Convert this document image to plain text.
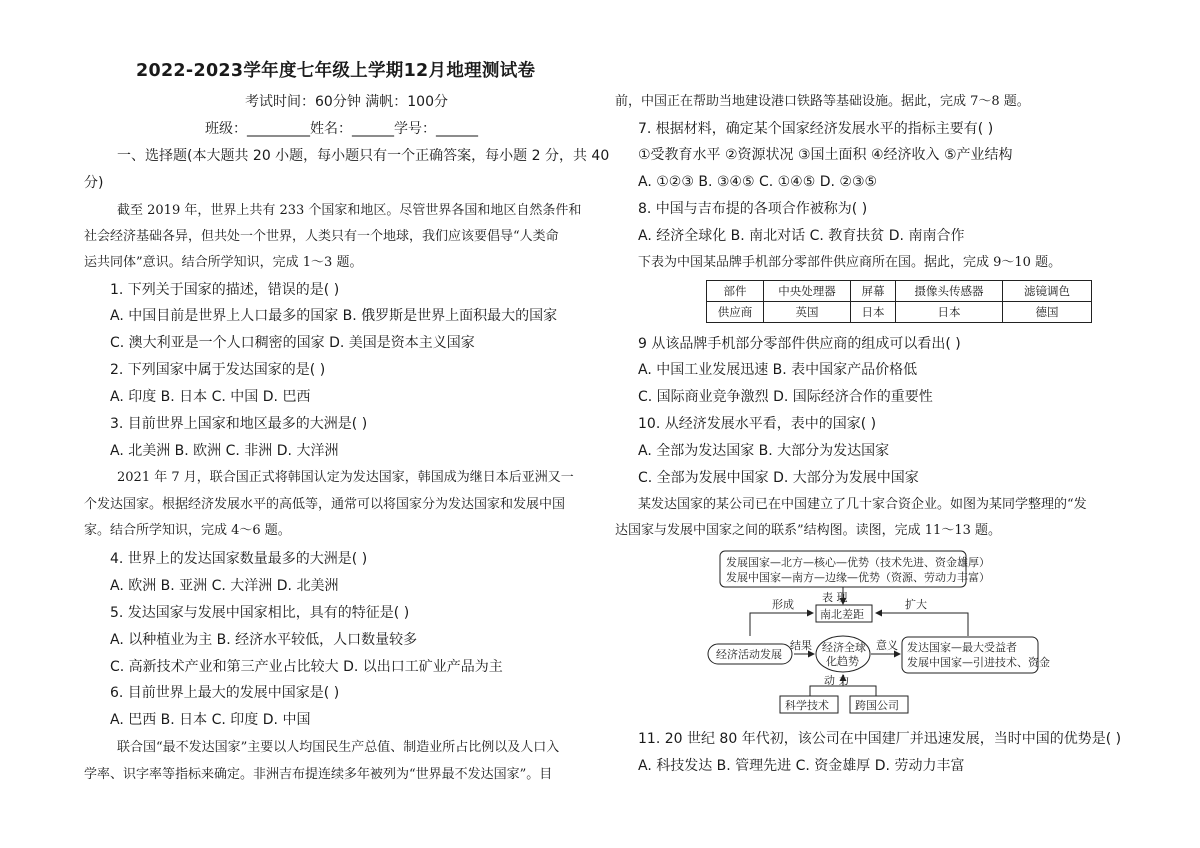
2022-2023学年度七年级上学期12月地理测试卷
考试时间：60分钟 满帆：100分
班级：_________姓名：______学号：______
一、选择题(本大题共 20 小题，每小题只有一个正确答案，每小题 2 分，共 40
分)
截至 2019 年，世界上共有 233 个国家和地区。尽管世界各国和地区自然条件和
社会经济基础各异，但共处一个世界，人类只有一个地球，我们应该要倡导“人类命
运共同体”意识。结合所学知识，完成 1～3 题。
1. 下列关于国家的描述，错误的是( )
A. 中国目前是世界上人口最多的国家 B. 俄罗斯是世界上面积最大的国家
C. 澳大利亚是一个人口稠密的国家 D. 美国是资本主义国家
2. 下列国家中属于发达国家的是( )
A. 印度 B. 日本 C. 中国 D. 巴西
3. 目前世界上国家和地区最多的大洲是( )
A. 北美洲 B. 欧洲 C. 非洲 D. 大洋洲
2021 年 7 月，联合国正式将韩国认定为发达国家，韩国成为继日本后亚洲又一
个发达国家。根据经济发展水平的高低等，通常可以将国家分为发达国家和发展中国
家。结合所学知识，完成 4～6 题。
4. 世界上的发达国家数量最多的大洲是( )
A. 欧洲 B. 亚洲 C. 大洋洲 D. 北美洲
5. 发达国家与发展中国家相比，具有的特征是( )
A. 以种植业为主 B. 经济水平较低，人口数量较多
C. 高新技术产业和第三产业占比较大 D. 以出口工矿业产品为主
6. 目前世界上最大的发展中国家是( )
A. 巴西 B. 日本 C. 印度 D. 中国
联合国“最不发达国家”主要以人均国民生产总值、制造业所占比例以及人口入
学率、识字率等指标来确定。非洲吉布提连续多年被列为“世界最不发达国家”。目
前，中国正在帮助当地建设港口铁路等基础设施。据此，完成 7～8 题。
7. 根据材料，确定某个国家经济发展水平的指标主要有( )
①受教育水平 ②资源状况 ③国土面积 ④经济收入 ⑤产业结构
A. ①②③ B. ③④⑤ C. ①④⑤ D. ②③⑤
8. 中国与吉布提的各项合作被称为( )
A. 经济全球化 B. 南北对话 C. 教育扶贫 D. 南南合作
下表为中国某品牌手机部分零部件供应商所在国。据此，完成 9～10 题。
部件	中央处理器	屏幕	摄像头传感器	滤镜调色
供应商	英国	日本	日本	德国
9 从该品牌手机部分零部件供应商的组成可以看出( )
A. 中国工业发展迅速 B. 表中国家产品价格低
C. 国际商业竞争激烈 D. 国际经济合作的重要性
10. 从经济发展水平看，表中的国家( )
A. 全部为发达国家 B. 大部分为发达国家
C. 全部为发展中国家 D. 大部分为发展中国家
某发达国家的某公司已在中国建立了几十家合资企业。如图为某同学整理的“发
达国家与发展中国家之间的联系”结构图。读图，完成 11～13 题。
发展国家—北方—核心—优势（技术先进、资金雄厚）
发展中国家—南方—边缘—优势（资源、劳动力丰富）
表 现
南北差距
形成	扩大
经济活动发展
经济全球
化趋势
结果	意义 发达国家—最大受益者
发展中国家—引进技术、资金
动 力
科学技术 跨国公司
11. 20 世纪 80 年代初，该公司在中国建厂并迅速发展，当时中国的优势是( )
A. 科技发达 B. 管理先进 C. 资金雄厚 D. 劳动力丰富
